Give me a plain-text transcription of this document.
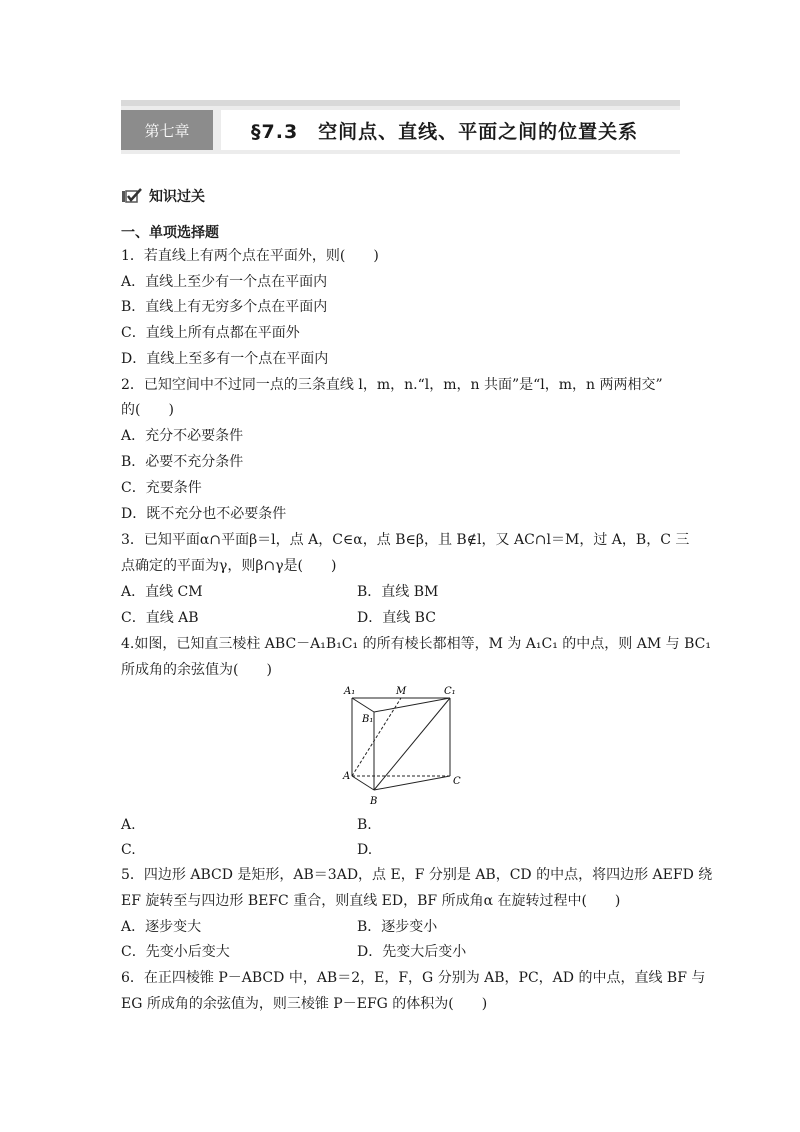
第七章	§7.3　空间点、直线、平面之间的位置关系
知识过关
一、单项选择题
1．若直线上有两个点在平面外，则(　　)
A．直线上至少有一个点在平面内
B．直线上有无穷多个点在平面内
C．直线上所有点都在平面外
D．直线上至多有一个点在平面内
2．已知空间中不过同一点的三条直线 l，m，n.“l，m，n 共面”是“l，m，n 两两相交”
的(　　)
A．充分不必要条件
B．必要不充分条件
C．充要条件
D．既不充分也不必要条件
3．已知平面α∩平面β＝l，点 A，C∈α，点 B∈β，且 B∉l，又 AC∩l＝M，过 A，B，C 三
点确定的平面为γ，则β∩γ是(　　)
A．直线 CM	B．直线 BM
C．直线 AB	D．直线 BC
4.如图，已知直三棱柱 ABC－A₁B₁C₁ 的所有棱长都相等，M 为 A₁C₁ 的中点，则 AM 与 BC₁
所成角的余弦值为(　　)
A₁	M	C₁
B₁
A	C
B
A.	B.
C.	D.
5．四边形 ABCD 是矩形，AB＝3AD，点 E，F 分别是 AB，CD 的中点，将四边形 AEFD 绕
EF 旋转至与四边形 BEFC 重合，则直线 ED，BF 所成角α 在旋转过程中(　　)
A．逐步变大	B．逐步变小
C．先变小后变大	D．先变大后变小
6．在正四棱锥 P－ABCD 中，AB＝2，E，F，G 分别为 AB，PC，AD 的中点，直线 BF 与
EG 所成角的余弦值为，则三棱锥 P－EFG 的体积为(　　)
